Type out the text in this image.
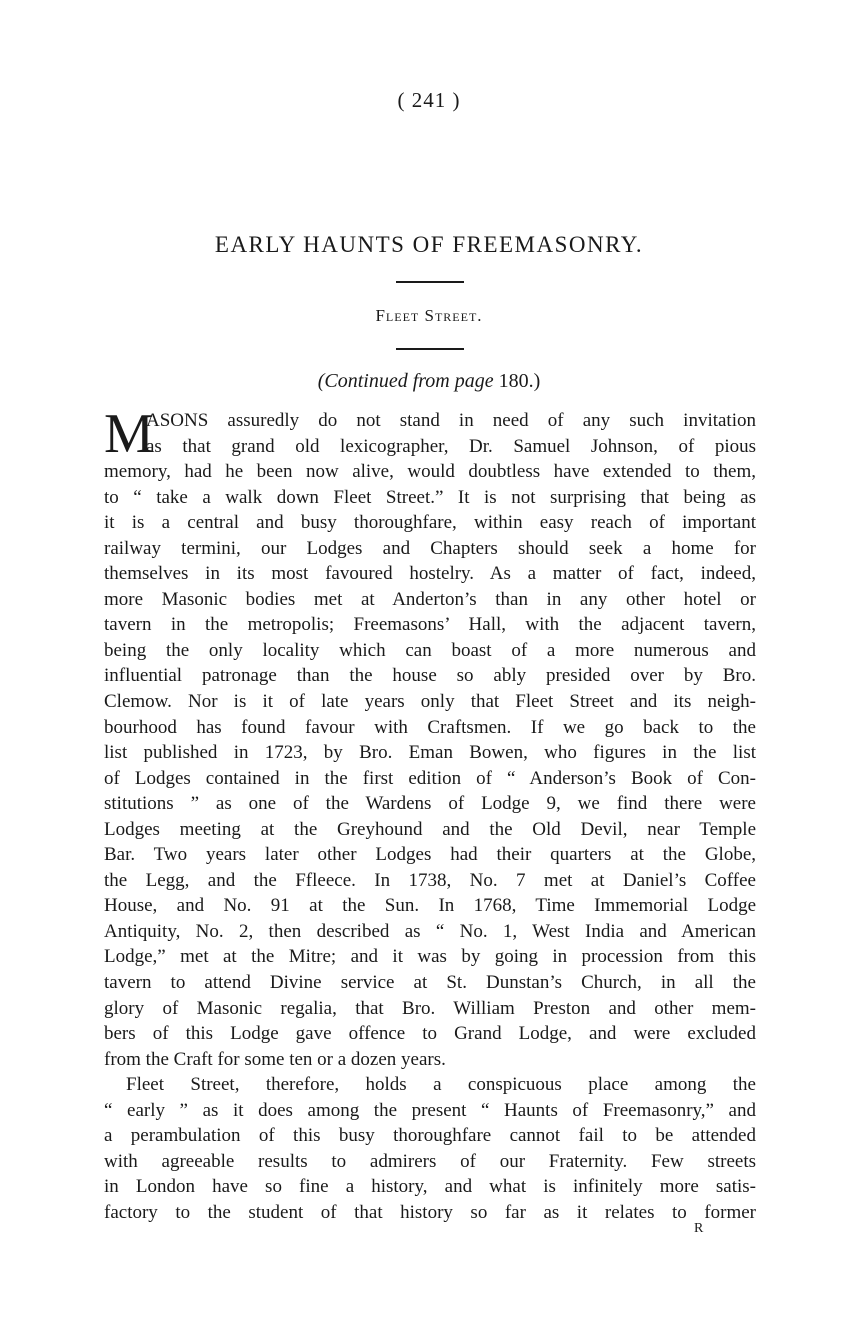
( 241 )
EARLY HAUNTS OF FREEMASONRY.
Fleet Street.
(Continued from page 180.)
M
ASONS assuredly do not stand in need of any such invitation
as that grand old lexicographer, Dr. Samuel Johnson, of pious
memory, had he been now alive, would doubtless have extended to them,
to “ take a walk down Fleet Street.” It is not surprising that being as
it is a central and busy thoroughfare, within easy reach of important
railway termini, our Lodges and Chapters should seek a home for
themselves in its most favoured hostelry. As a matter of fact, indeed,
more Masonic bodies met at Anderton’s than in any other hotel or
tavern in the metropolis; Freemasons’ Hall, with the adjacent tavern,
being the only locality which can boast of a more numerous and
influential patronage than the house so ably presided over by Bro.
Clemow. Nor is it of late years only that Fleet Street and its neigh-
bourhood has found favour with Craftsmen. If we go back to the
list published in 1723, by Bro. Eman Bowen, who figures in the list
of Lodges contained in the first edition of “ Anderson’s Book of Con-
stitutions ” as one of the Wardens of Lodge 9, we find there were
Lodges meeting at the Greyhound and the Old Devil, near Temple
Bar. Two years later other Lodges had their quarters at the Globe,
the Legg, and the Ffleece. In 1738, No. 7 met at Daniel’s Coffee
House, and No. 91 at the Sun. In 1768, Time Immemorial Lodge
Antiquity, No. 2, then described as “ No. 1, West India and American
Lodge,” met at the Mitre; and it was by going in procession from this
tavern to attend Divine service at St. Dunstan’s Church, in all the
glory of Masonic regalia, that Bro. William Preston and other mem-
bers of this Lodge gave offence to Grand Lodge, and were excluded
from the Craft for some ten or a dozen years.
Fleet Street, therefore, holds a conspicuous place among the
“ early ” as it does among the present “ Haunts of Freemasonry,” and
a perambulation of this busy thoroughfare cannot fail to be attended
with agreeable results to admirers of our Fraternity. Few streets
in London have so fine a history, and what is infinitely more satis-
factory to the student of that history so far as it relates to former
R
